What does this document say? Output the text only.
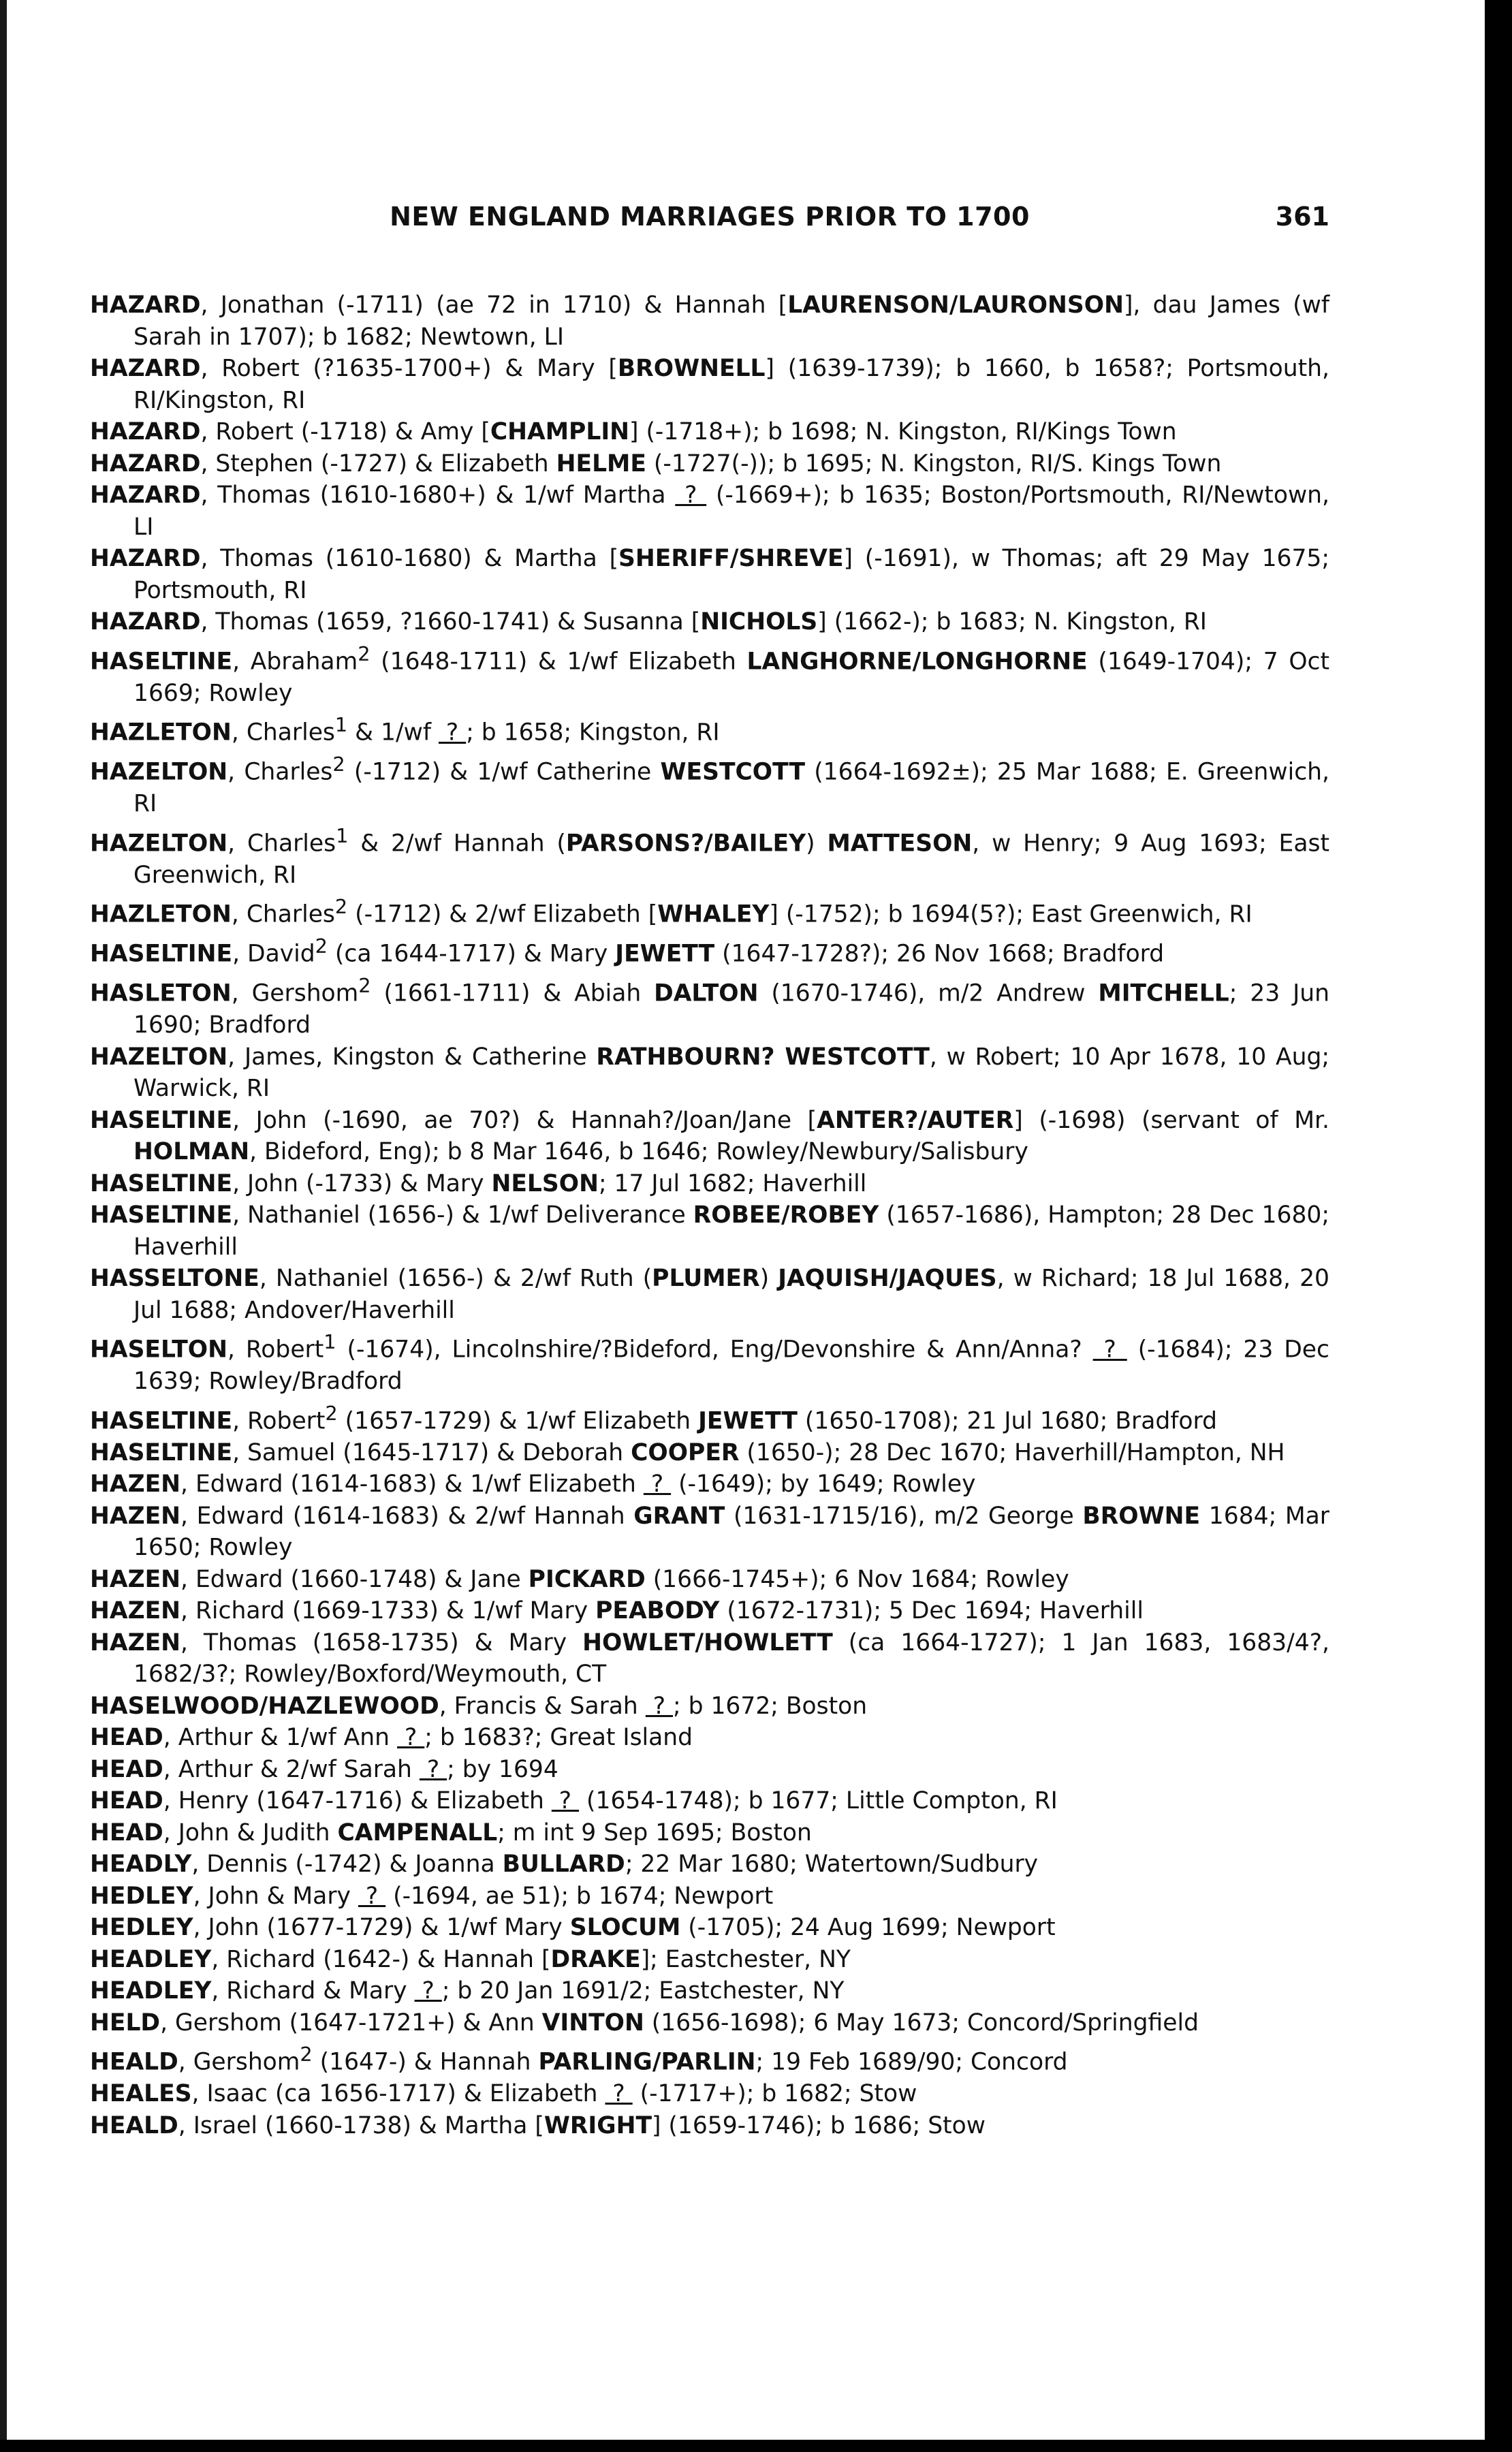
NEW ENGLAND MARRIAGES PRIOR TO 1700	361
HAZARD, Jonathan (-1711) (ae 72 in 1710) & Hannah [LAURENSON/LAURONSON], dau James (wf Sarah in 1707); b 1682; Newtown, LI
HAZARD, Robert (?1635-1700+) & Mary [BROWNELL] (1639-1739); b 1660, b 1658?; Portsmouth, RI/Kingston, RI
HAZARD, Robert (-1718) & Amy [CHAMPLIN] (-1718+); b 1698; N. Kingston, RI/Kings Town
HAZARD, Stephen (-1727) & Elizabeth HELME (-1727(-)); b 1695; N. Kingston, RI/S. Kings Town
HAZARD, Thomas (1610-1680+) & 1/wf Martha  ?  (-1669+); b 1635; Boston/Portsmouth, RI/Newtown, LI
HAZARD, Thomas (1610-1680) & Martha [SHERIFF/SHREVE] (-1691), w Thomas; aft 29 May 1675; Portsmouth, RI
HAZARD, Thomas (1659, ?1660-1741) & Susanna [NICHOLS] (1662-); b 1683; N. Kingston, RI
HASELTINE, Abraham$^2$ (1648-1711) & 1/wf Elizabeth LANGHORNE/LONGHORNE (1649-1704); 7 Oct 1669; Rowley
HAZLETON, Charles$^1$ & 1/wf  ? ; b 1658; Kingston, RI
HAZELTON, Charles$^2$ (-1712) & 1/wf Catherine WESTCOTT (1664-1692±); 25 Mar 1688; E. Greenwich, RI
HAZELTON, Charles$^1$ & 2/wf Hannah (PARSONS?/BAILEY) MATTESON, w Henry; 9 Aug 1693; East Greenwich, RI
HAZLETON, Charles$^2$ (-1712) & 2/wf Elizabeth [WHALEY] (-1752); b 1694(5?); East Greenwich, RI
HASELTINE, David$^2$ (ca 1644-1717) & Mary JEWETT (1647-1728?); 26 Nov 1668; Bradford
HASLETON, Gershom$^2$ (1661-1711) & Abiah DALTON (1670-1746), m/2 Andrew MITCHELL; 23 Jun 1690; Bradford
HAZELTON, James, Kingston & Catherine RATHBOURN? WESTCOTT, w Robert; 10 Apr 1678, 10 Aug; Warwick, RI
HASELTINE, John (-1690, ae 70?) & Hannah?/Joan/Jane [ANTER?/AUTER] (-1698) (servant of Mr. HOLMAN, Bideford, Eng); b 8 Mar 1646, b 1646; Rowley/Newbury/Salisbury
HASELTINE, John (-1733) & Mary NELSON; 17 Jul 1682; Haverhill
HASELTINE, Nathaniel (1656-) & 1/wf Deliverance ROBEE/ROBEY (1657-1686), Hampton; 28 Dec 1680; Haverhill
HASSELTONE, Nathaniel (1656-) & 2/wf Ruth (PLUMER) JAQUISH/JAQUES, w Richard; 18 Jul 1688, 20 Jul 1688; Andover/Haverhill
HASELTON, Robert$^1$ (-1674), Lincolnshire/?Bideford, Eng/Devonshire & Ann/Anna?  ?  (-1684); 23 Dec 1639; Rowley/Bradford
HASELTINE, Robert$^2$ (1657-1729) & 1/wf Elizabeth JEWETT (1650-1708); 21 Jul 1680; Bradford
HASELTINE, Samuel (1645-1717) & Deborah COOPER (1650-); 28 Dec 1670; Haverhill/Hampton, NH
HAZEN, Edward (1614-1683) & 1/wf Elizabeth  ?  (-1649); by 1649; Rowley
HAZEN, Edward (1614-1683) & 2/wf Hannah GRANT (1631-1715/16), m/2 George BROWNE 1684; Mar 1650; Rowley
HAZEN, Edward (1660-1748) & Jane PICKARD (1666-1745+); 6 Nov 1684; Rowley
HAZEN, Richard (1669-1733) & 1/wf Mary PEABODY (1672-1731); 5 Dec 1694; Haverhill
HAZEN, Thomas (1658-1735) & Mary HOWLET/HOWLETT (ca 1664-1727); 1 Jan 1683, 1683/4?, 1682/3?; Rowley/Boxford/Weymouth, CT
HASELWOOD/HAZLEWOOD, Francis & Sarah  ? ; b 1672; Boston
HEAD, Arthur & 1/wf Ann  ? ; b 1683?; Great Island
HEAD, Arthur & 2/wf Sarah  ? ; by 1694
HEAD, Henry (1647-1716) & Elizabeth  ?  (1654-1748); b 1677; Little Compton, RI
HEAD, John & Judith CAMPENALL; m int 9 Sep 1695; Boston
HEADLY, Dennis (-1742) & Joanna BULLARD; 22 Mar 1680; Watertown/Sudbury
HEDLEY, John & Mary  ?  (-1694, ae 51); b 1674; Newport
HEDLEY, John (1677-1729) & 1/wf Mary SLOCUM (-1705); 24 Aug 1699; Newport
HEADLEY, Richard (1642-) & Hannah [DRAKE]; Eastchester, NY
HEADLEY, Richard & Mary  ? ; b 20 Jan 1691/2; Eastchester, NY
HELD, Gershom (1647-1721+) & Ann VINTON (1656-1698); 6 May 1673; Concord/Springfield
HEALD, Gershom$^2$ (1647-) & Hannah PARLING/PARLIN; 19 Feb 1689/90; Concord
HEALES, Isaac (ca 1656-1717) & Elizabeth  ?  (-1717+); b 1682; Stow
HEALD, Israel (1660-1738) & Martha [WRIGHT] (1659-1746); b 1686; Stow
